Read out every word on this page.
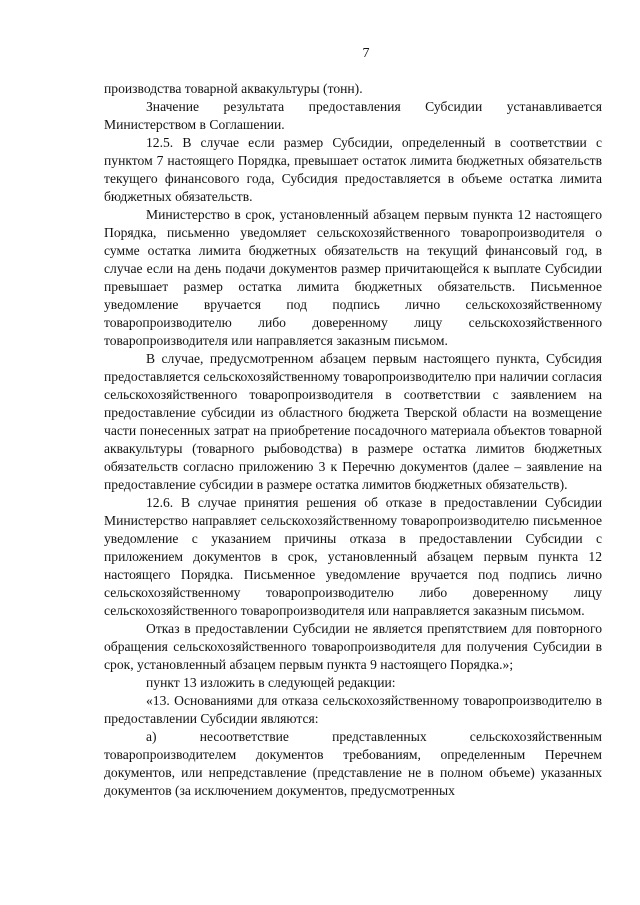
7

производства товарной аквакультуры (тонн).

Значение результата предоставления Субсидии устанавливается Министерством в Соглашении.

12.5. В случае если размер Субсидии, определенный в соответствии с пунктом 7 настоящего Порядка, превышает остаток лимита бюджетных обязательств текущего финансового года, Субсидия предоставляется в объеме остатка лимита бюджетных обязательств.

Министерство в срок, установленный абзацем первым пункта 12 настоящего Порядка, письменно уведомляет сельскохозяйственного товаропроизводителя о сумме остатка лимита бюджетных обязательств на текущий финансовый год, в случае если на день подачи документов размер причитающейся к выплате Субсидии превышает размер остатка лимита бюджетных обязательств. Письменное уведомление вручается под подпись лично сельскохозяйственному товаропроизводителю либо доверенному лицу сельскохозяйственного товаропроизводителя или направляется заказным письмом.

В случае, предусмотренном абзацем первым настоящего пункта, Субсидия предоставляется сельскохозяйственному товаропроизводителю при наличии согласия сельскохозяйственного товаропроизводителя в соответствии с заявлением на предоставление субсидии из областного бюджета Тверской области на возмещение части понесенных затрат на приобретение посадочного материала объектов товарной аквакультуры (товарного рыбоводства) в размере остатка лимитов бюджетных обязательств согласно приложению 3 к Перечню документов (далее – заявление на предоставление субсидии в размере остатка лимитов бюджетных обязательств).

12.6. В случае принятия решения об отказе в предоставлении Субсидии Министерство направляет сельскохозяйственному товаропроизводителю письменное уведомление с указанием причины отказа в предоставлении Субсидии с приложением документов в срок, установленный абзацем первым пункта 12 настоящего Порядка. Письменное уведомление вручается под подпись лично сельскохозяйственному товаропроизводителю либо доверенному лицу сельскохозяйственного товаропроизводителя или направляется заказным письмом.

Отказ в предоставлении Субсидии не является препятствием для повторного обращения сельскохозяйственного товаропроизводителя для получения Субсидии в срок, установленный абзацем первым пункта 9 настоящего Порядка.»;

пункт 13 изложить в следующей редакции:

«13. Основаниями для отказа сельскохозяйственному товаропроизводителю в предоставлении Субсидии являются:

а) несоответствие представленных сельскохозяйственным товаропроизводителем документов требованиям, определенным Перечнем документов, или непредставление (представление не в полном объеме) указанных документов (за исключением документов, предусмотренных
